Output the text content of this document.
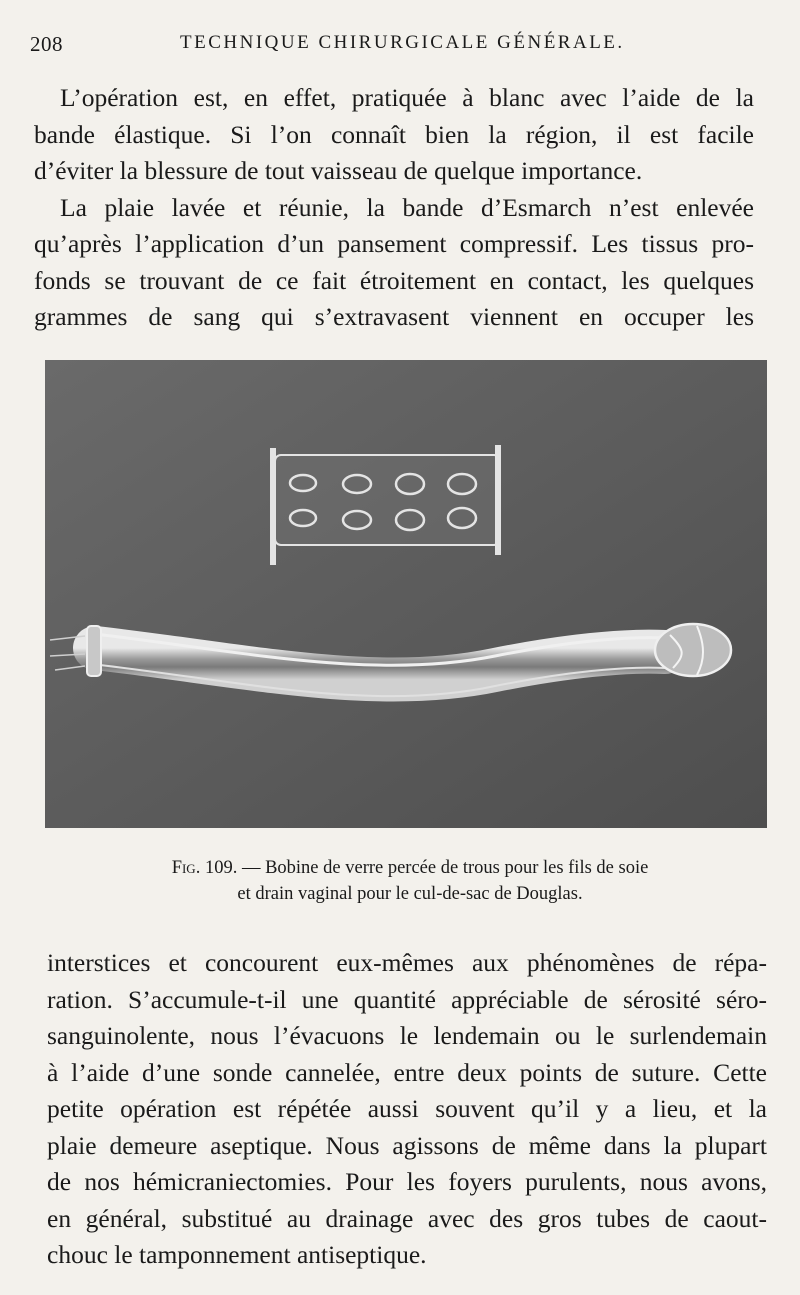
208	TECHNIQUE CHIRURGICALE GÉNÉRALE.
L’opération est, en effet, pratiquée à blanc avec l’aide de la
bande élastique. Si l’on connaît bien la région, il est facile
d’éviter la blessure de tout vaisseau de quelque importance.
La plaie lavée et réunie, la bande d’Esmarch n’est enlevée
qu’après l’application d’un pansement compressif. Les tissus pro-
fonds se trouvant de ce fait étroitement en contact, les quelques
grammes de sang qui s’extravasent viennent en occuper les
Fig. 109. — Bobine de verre percée de trous pour les fils de soie
et drain vaginal pour le cul-de-sac de Douglas.
interstices et concourent eux-mêmes aux phénomènes de répa-
ration. S’accumule-t-il une quantité appréciable de sérosité séro-
sanguinolente, nous l’évacuons le lendemain ou le surlendemain
à l’aide d’une sonde cannelée, entre deux points de suture. Cette
petite opération est répétée aussi souvent qu’il y a lieu, et la
plaie demeure aseptique. Nous agissons de même dans la plupart
de nos hémicraniectomies. Pour les foyers purulents, nous avons,
en général, substitué au drainage avec des gros tubes de caout-
chouc le tamponnement antiseptique.
